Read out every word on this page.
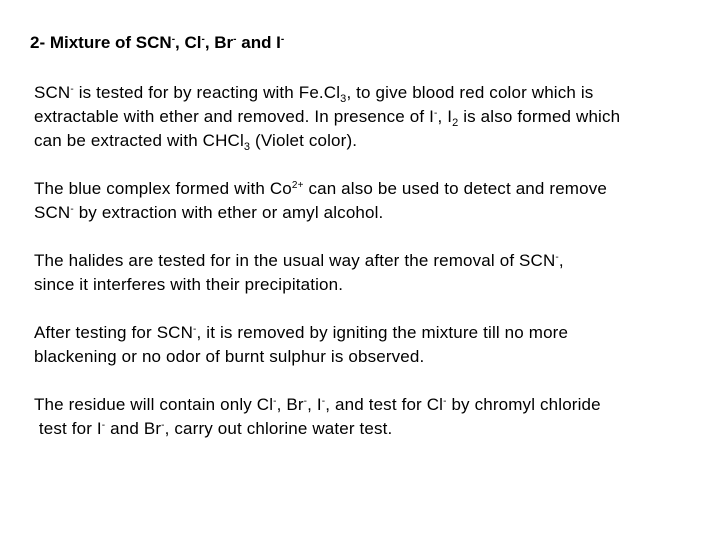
2- Mixture of SCN-, Cl-, Br- and I-
SCN- is tested for by reacting with $Fe.Cl_3$, to give blood red color which is
extractable with ether and removed. In presence of I-, $I_2$ is also formed which
can be extracted with CHCl$_3$ (Violet color).
The blue complex formed with $Co^{2+}$ can also be used to detect and remove
SCN- by extraction with ether or amyl alcohol.
The halides are tested for in the usual way after the removal of SCN-,
since it interferes with their precipitation.
After testing for SCN-, it is removed by igniting the mixture till no more
blackening or no odor of burnt sulphur is observed.
The residue will contain only Cl-, Br-, I-, and test for Cl- by chromyl chloride
test for I- and Br-, carry out chlorine water test.
